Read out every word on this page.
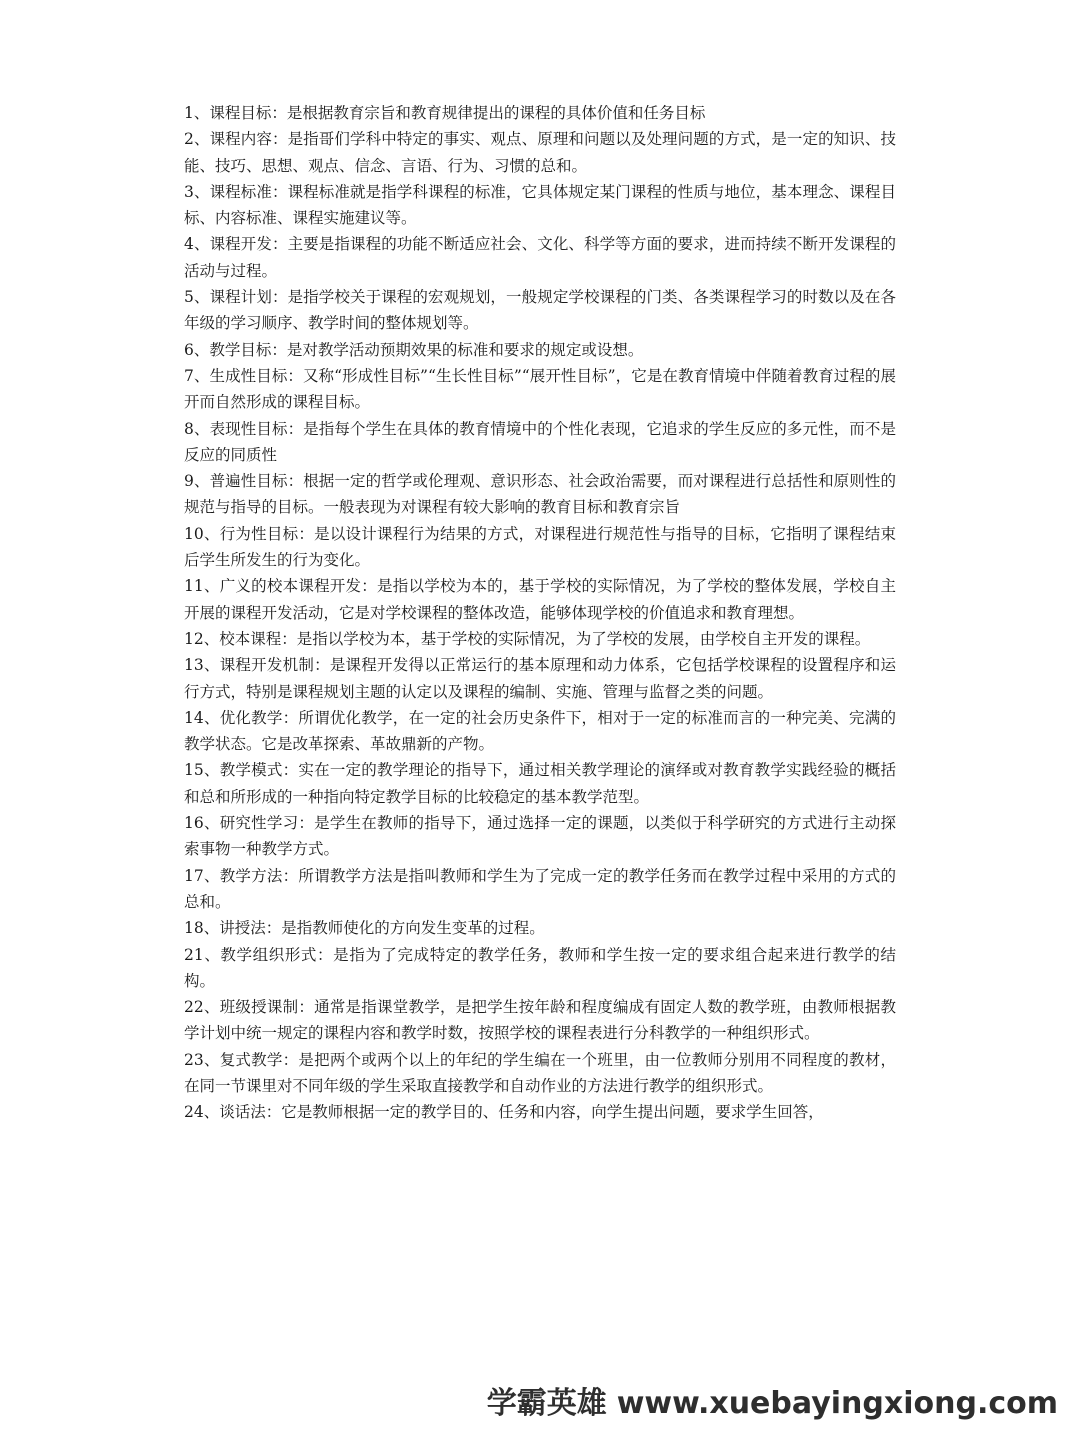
1、课程目标：是根据教育宗旨和教育规律提出的课程的具体价值和任务目标

2、课程内容：是指哥们学科中特定的事实、观点、原理和问题以及处理问题的方式，是一定的知识、技能、技巧、思想、观点、信念、言语、行为、习惯的总和。

3、课程标准：课程标准就是指学科课程的标准，它具体规定某门课程的性质与地位，基本理念、课程目标、内容标准、课程实施建议等。

4、课程开发：主要是指课程的功能不断适应社会、文化、科学等方面的要求，进而持续不断开发课程的活动与过程。

5、课程计划：是指学校关于课程的宏观规划，一般规定学校课程的门类、各类课程学习的时数以及在各年级的学习顺序、教学时间的整体规划等。

6、教学目标：是对教学活动预期效果的标准和要求的规定或设想。

7、生成性目标：又称“形成性目标”“生长性目标”“展开性目标”，它是在教育情境中伴随着教育过程的展开而自然形成的课程目标。

8、表现性目标：是指每个学生在具体的教育情境中的个性化表现，它追求的学生反应的多元性，而不是反应的同质性

9、普遍性目标：根据一定的哲学或伦理观、意识形态、社会政治需要，而对课程进行总括性和原则性的规范与指导的目标。一般表现为对课程有较大影响的教育目标和教育宗旨

10、行为性目标：是以设计课程行为结果的方式，对课程进行规范性与指导的目标，它指明了课程结束后学生所发生的行为变化。

11、广义的校本课程开发：是指以学校为本的，基于学校的实际情况，为了学校的整体发展，学校自主开展的课程开发活动，它是对学校课程的整体改造，能够体现学校的价值追求和教育理想。

12、校本课程：是指以学校为本，基于学校的实际情况，为了学校的发展，由学校自主开发的课程。

13、课程开发机制：是课程开发得以正常运行的基本原理和动力体系，它包括学校课程的设置程序和运行方式，特别是课程规划主题的认定以及课程的编制、实施、管理与监督之类的问题。

14、优化教学：所谓优化教学，在一定的社会历史条件下，相对于一定的标准而言的一种完美、完满的教学状态。它是改革探索、革故鼎新的产物。

15、教学模式：实在一定的教学理论的指导下，通过相关教学理论的演绎或对教育教学实践经验的概括和总和所形成的一种指向特定教学目标的比较稳定的基本教学范型。

16、研究性学习：是学生在教师的指导下，通过选择一定的课题，以类似于科学研究的方式进行主动探索事物一种教学方式。

17、教学方法：所谓教学方法是指叫教师和学生为了完成一定的教学任务而在教学过程中采用的方式的总和。

18、讲授法：是指教师使化的方向发生变革的过程。

21、教学组织形式：是指为了完成特定的教学任务，教师和学生按一定的要求组合起来进行教学的结构。

22、班级授课制：通常是指课堂教学，是把学生按年龄和程度编成有固定人数的教学班，由教师根据教学计划中统一规定的课程内容和教学时数，按照学校的课程表进行分科教学的一种组织形式。

23、复式教学：是把两个或两个以上的年纪的学生编在一个班里，由一位教师分别用不同程度的教材，在同一节课里对不同年级的学生采取直接教学和自动作业的方法进行教学的组织形式。

24、谈话法：它是教师根据一定的教学目的、任务和内容，向学生提出问题，要求学生回答，

学霸英雄 www.xuebayingxiong.com
